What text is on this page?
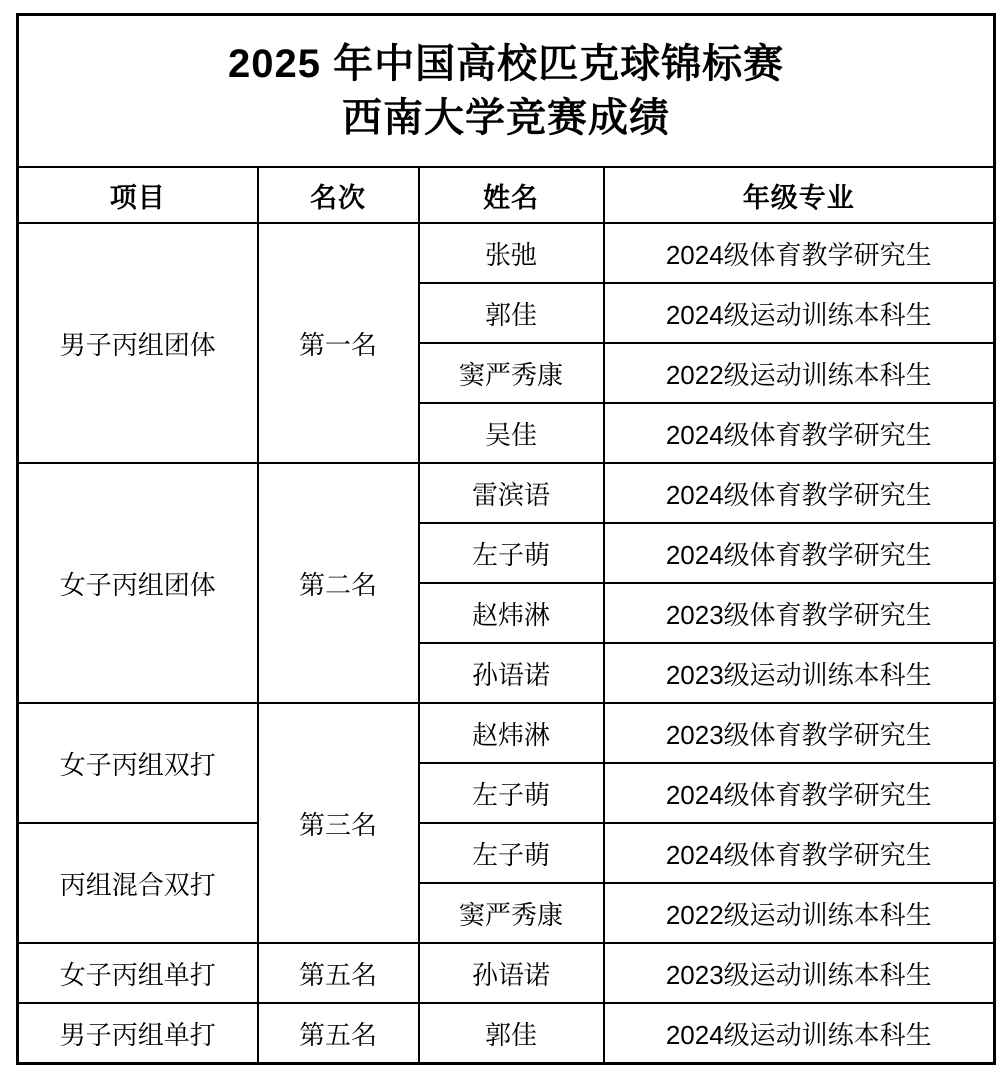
2025 年中国高校匹克球锦标赛
西南大学竞赛成绩			

项目	名次	姓名	年级专业
男子丙组团体	第一名	张弛	2024级体育教学研究生
		郭佳	2024级运动训练本科生
		窦严秀康	2022级运动训练本科生
		吴佳	2024级体育教学研究生
女子丙组团体	第二名	雷滨语	2024级体育教学研究生
		左子萌	2024级体育教学研究生
		赵炜淋	2023级体育教学研究生
		孙语诺	2023级运动训练本科生
女子丙组双打	第三名	赵炜淋	2023级体育教学研究生
		左子萌	2024级体育教学研究生
丙组混合双打		左子萌	2024级体育教学研究生
		窦严秀康	2022级运动训练本科生
女子丙组单打	第五名	孙语诺	2023级运动训练本科生
男子丙组单打	第五名	郭佳	2024级运动训练本科生
